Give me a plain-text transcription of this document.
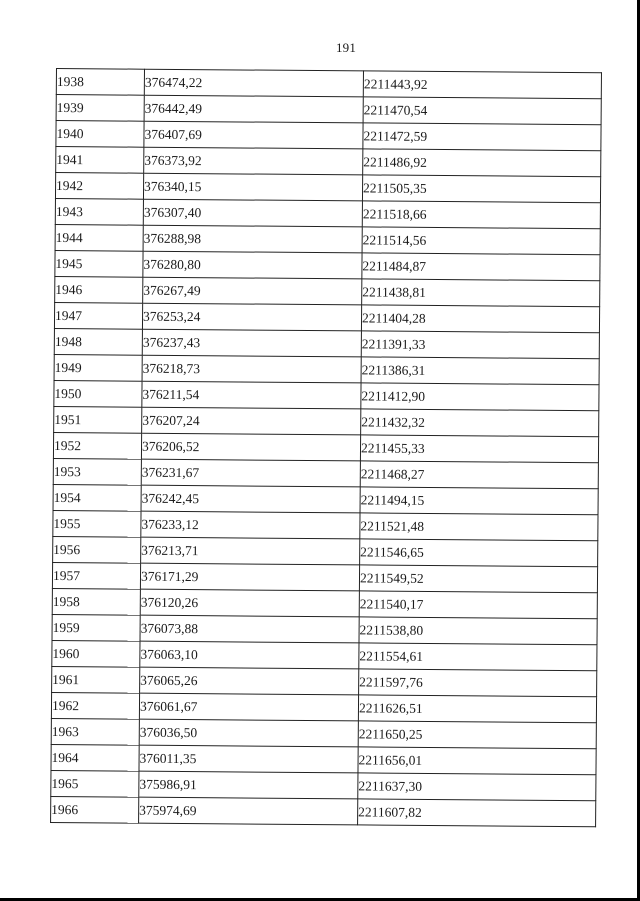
191
1938	376474,22	2211443,92
1939	376442,49	2211470,54
1940	376407,69	2211472,59
1941	376373,92	2211486,92
1942	376340,15	2211505,35
1943	376307,40	2211518,66
1944	376288,98	2211514,56
1945	376280,80	2211484,87
1946	376267,49	2211438,81
1947	376253,24	2211404,28
1948	376237,43	2211391,33
1949	376218,73	2211386,31
1950	376211,54	2211412,90
1951	376207,24	2211432,32
1952	376206,52	2211455,33
1953	376231,67	2211468,27
1954	376242,45	2211494,15
1955	376233,12	2211521,48
1956	376213,71	2211546,65
1957	376171,29	2211549,52
1958	376120,26	2211540,17
1959	376073,88	2211538,80
1960	376063,10	2211554,61
1961	376065,26	2211597,76
1962	376061,67	2211626,51
1963	376036,50	2211650,25
1964	376011,35	2211656,01
1965	375986,91	2211637,30
1966	375974,69	2211607,82
